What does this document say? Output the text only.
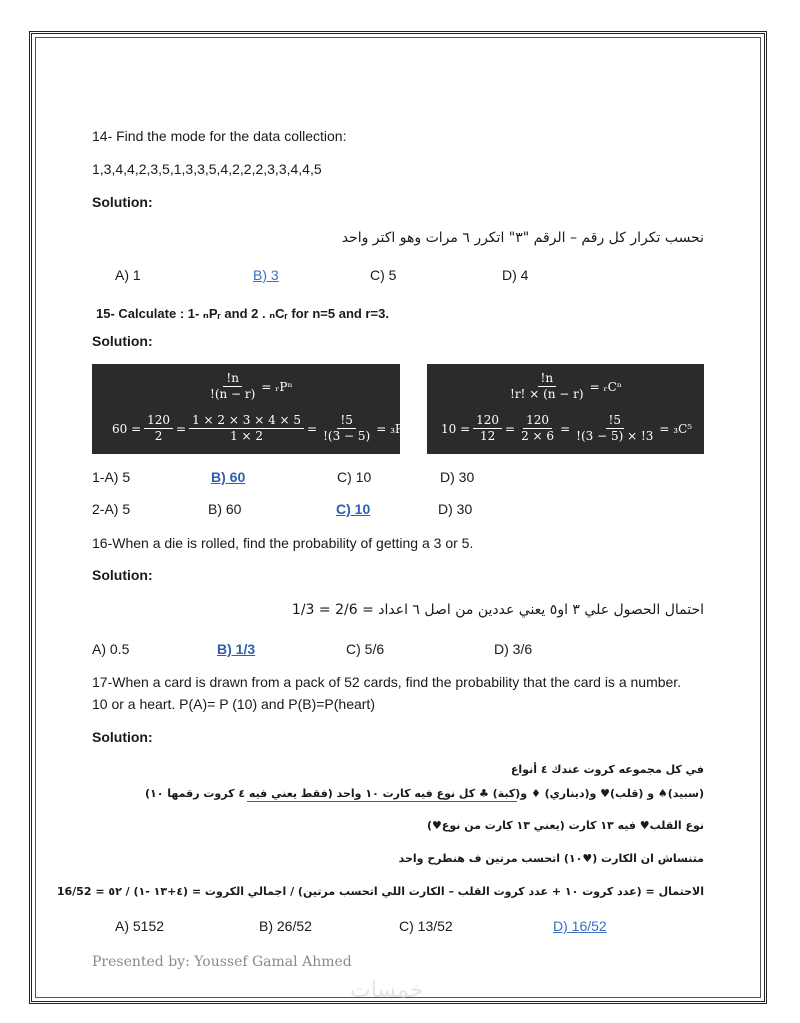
14- Find the mode for the data collection:
1,3,4,4,2,3,5,1,3,3,5,4,2,2,2,3,3,4,4,5
Solution:
نحسب تكرار كل رقم – الرقم "٣" اتكرر ٦ مرات وهو اكتر واحد
A) 1	B) 3	C) 5	D) 4
15- Calculate : 1- ₙPᵣ and 2 . ₙCᵣ for n=5 and r=3.
Solution:
$\frac{!n}{!(n - r)}$ = ᵣPⁿ
$60 = \frac{120}{2} = \frac{1 \times 2 \times 3 \times 4 \times 5}{1 \times 2} = \frac{!5}{!(3 - 5)} = _3P^5$
$\frac{!n}{!r! \times (n - r)}$ = ᵣCⁿ
$10 = \frac{120}{12} = \frac{120}{2 \times 6} = \frac{!5}{!(3 - 5) \times !3} = _3C^5$
1-A) 5	B) 60	C) 10	D) 30
2-A) 5	B) 60	C) 10	D) 30
16-When a die is rolled, find the probability of getting a 3 or 5.
Solution:
احتمال الحصول علي ٣ او٥ يعني عددين من اصل ٦ اعداد = 2/6 = 1/3
A) 0.5	B) 1/3	C) 5/6	D) 3/6
17-When a card is drawn from a pack of 52 cards, find the probability that the card is a number.
10 or a heart. P(A)= P (10) and P(B)=P(heart)
Solution:
في كل مجموعه كروت عندك ٤ أنواع
(سبيد)♠ و (قلب)♥ و(ديناري) ♦ و(كبة) ♣ كل نوع فيه كارت ١٠ واحد (فقط يعني فيه ٤ كروت رقمها ١٠)
نوع القلب♥ فيه ١٣ كارت (يعني ١٣ كارت من نوع♥)
متنساش ان الكارت (♥١٠) اتحسب مرتين ف هنطرح واحد
الاحتمال = (عدد كروت ١٠ + عدد كروت القلب – الكارت اللي اتحسب مرتين) / اجمالي الكروت = (٤+١٣ -١) / ٥٢ = 16/52
A) 5152	B) 26/52	C) 13/52	D) 16/52
Presented by: Youssef Gamal Ahmed
خمسات
